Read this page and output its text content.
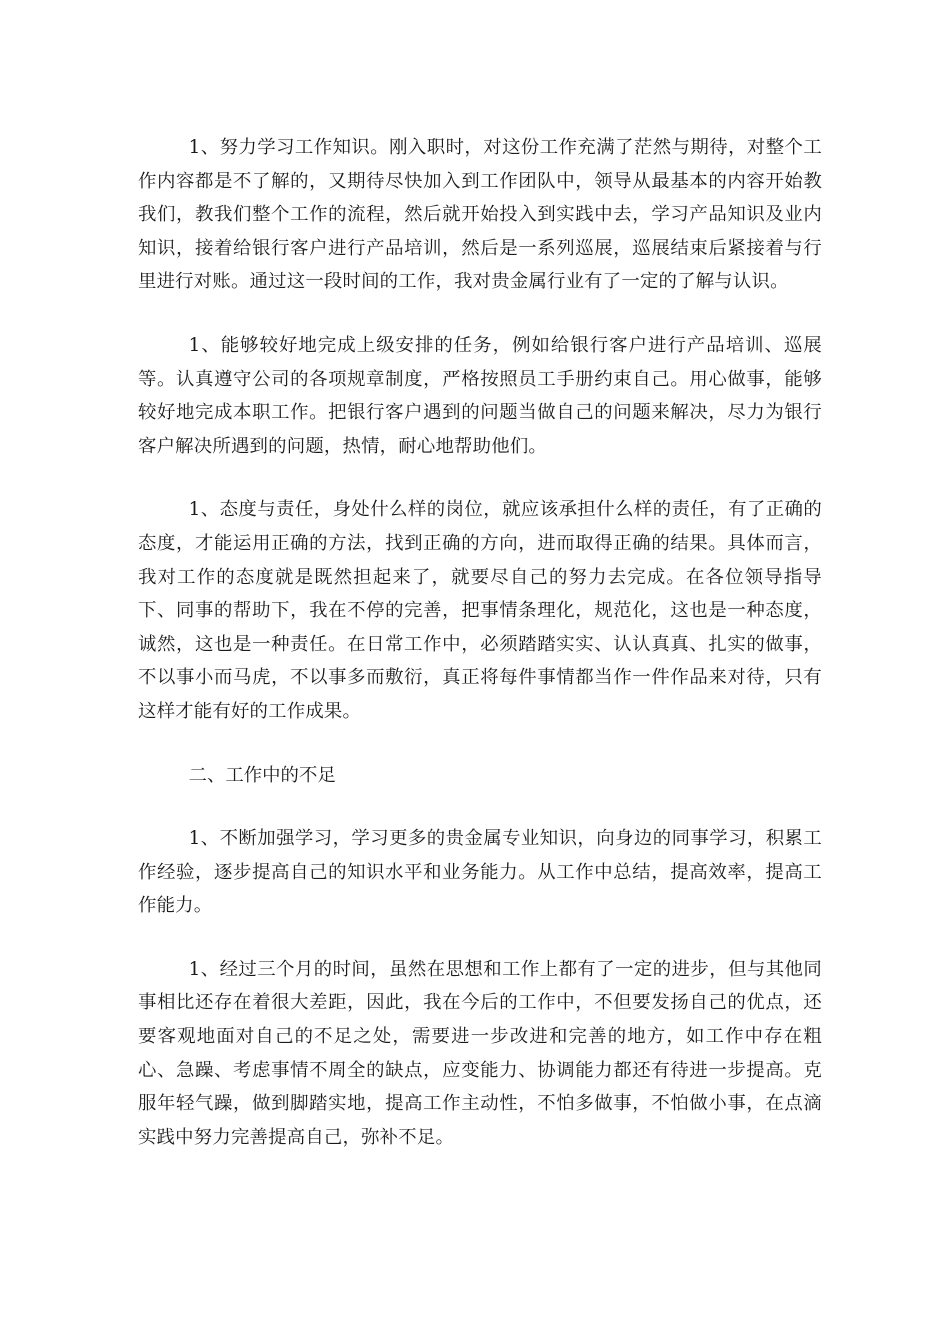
1、努力学习工作知识。刚入职时，对这份工作充满了茫然与期待，对整个工作内容都是不了解的，又期待尽快加入到工作团队中，领导从最基本的内容开始教我们，教我们整个工作的流程，然后就开始投入到实践中去，学习产品知识及业内知识，接着给银行客户进行产品培训，然后是一系列巡展，巡展结束后紧接着与行里进行对账。通过这一段时间的工作，我对贵金属行业有了一定的了解与认识。

1、能够较好地完成上级安排的任务，例如给银行客户进行产品培训、巡展等。认真遵守公司的各项规章制度，严格按照员工手册约束自己。用心做事，能够较好地完成本职工作。把银行客户遇到的问题当做自己的问题来解决，尽力为银行客户解决所遇到的问题，热情，耐心地帮助他们。

1、态度与责任，身处什么样的岗位，就应该承担什么样的责任，有了正确的态度，才能运用正确的方法，找到正确的方向，进而取得正确的结果。具体而言，我对工作的态度就是既然担起来了，就要尽自己的努力去完成。在各位领导指导下、同事的帮助下，我在不停的完善，把事情条理化，规范化，这也是一种态度，诚然，这也是一种责任。在日常工作中，必须踏踏实实、认认真真、扎实的做事，不以事小而马虎，不以事多而敷衍，真正将每件事情都当作一件作品来对待，只有这样才能有好的工作成果。

二、工作中的不足

1、不断加强学习，学习更多的贵金属专业知识，向身边的同事学习，积累工作经验，逐步提高自己的知识水平和业务能力。从工作中总结，提高效率，提高工作能力。

1、经过三个月的时间，虽然在思想和工作上都有了一定的进步，但与其他同事相比还存在着很大差距，因此，我在今后的工作中，不但要发扬自己的优点，还要客观地面对自己的不足之处，需要进一步改进和完善的地方，如工作中存在粗心、急躁、考虑事情不周全的缺点，应变能力、协调能力都还有待进一步提高。克服年轻气躁，做到脚踏实地，提高工作主动性，不怕多做事，不怕做小事，在点滴实践中努力完善提高自己，弥补不足。
